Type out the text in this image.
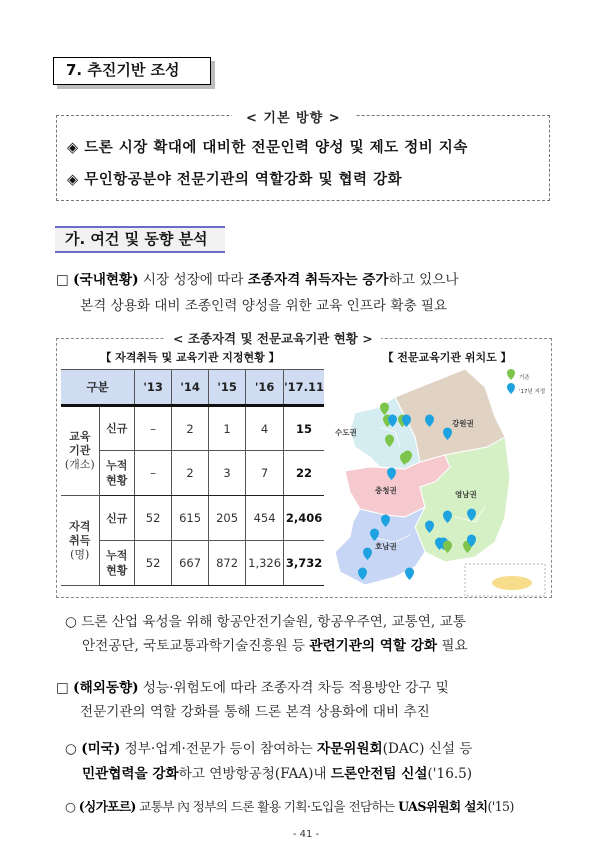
7. 추진기반 조성
< 기본 방향 >
◈ 드론 시장 확대에 대비한 전문인력 양성 및 제도 정비 지속
◈ 무인항공분야 전문기관의 역할강화 및 협력 강화
가. 여건 및 동향 분석
□ (국내현황) 시장 성장에 따라 조종자격 취득자는 증가하고 있으나
본격 상용화 대비 조종인력 양성을 위한 교육 인프라 확충 필요
< 조종자격 및 전문교육기관 현황 >
【 자격취득 및 교육기관 지정현황 】	【 전문교육기관 위치도 】
구분		'13	'14	'15	'16	'17.11
교육
기관
(개소)	신규	–	2	1	4	15
	누적
현황	–	2	3	7	22
자격
취득
(명)	신규	52	615	205	454	2,406
	누적
현황	52	667	872	1,326	3,732
수도권
강원권
충청권	영남권
호남권
기존
'17년 지정
○ 드론 산업 육성을 위해 항공안전기술원, 항공우주연, 교통연, 교통
안전공단, 국토교통과학기술진흥원 등 관련기관의 역할 강화 필요
□ (해외동향) 성능·위험도에 따라 조종자격 차등 적용방안 강구 및
전문기관의 역할 강화를 통해 드론 본격 상용화에 대비 추진
○ (미국) 정부·업계·전문가 등이 참여하는 자문위원회(DAC) 신설 등
민관협력을 강화하고 연방항공청(FAA)내 드론안전팀 신설('16.5)
○ (싱가포르) 교통부 內 정부의 드론 활용 기획·도입을 전담하는 UAS위원회 설치('15)
- 41 -
